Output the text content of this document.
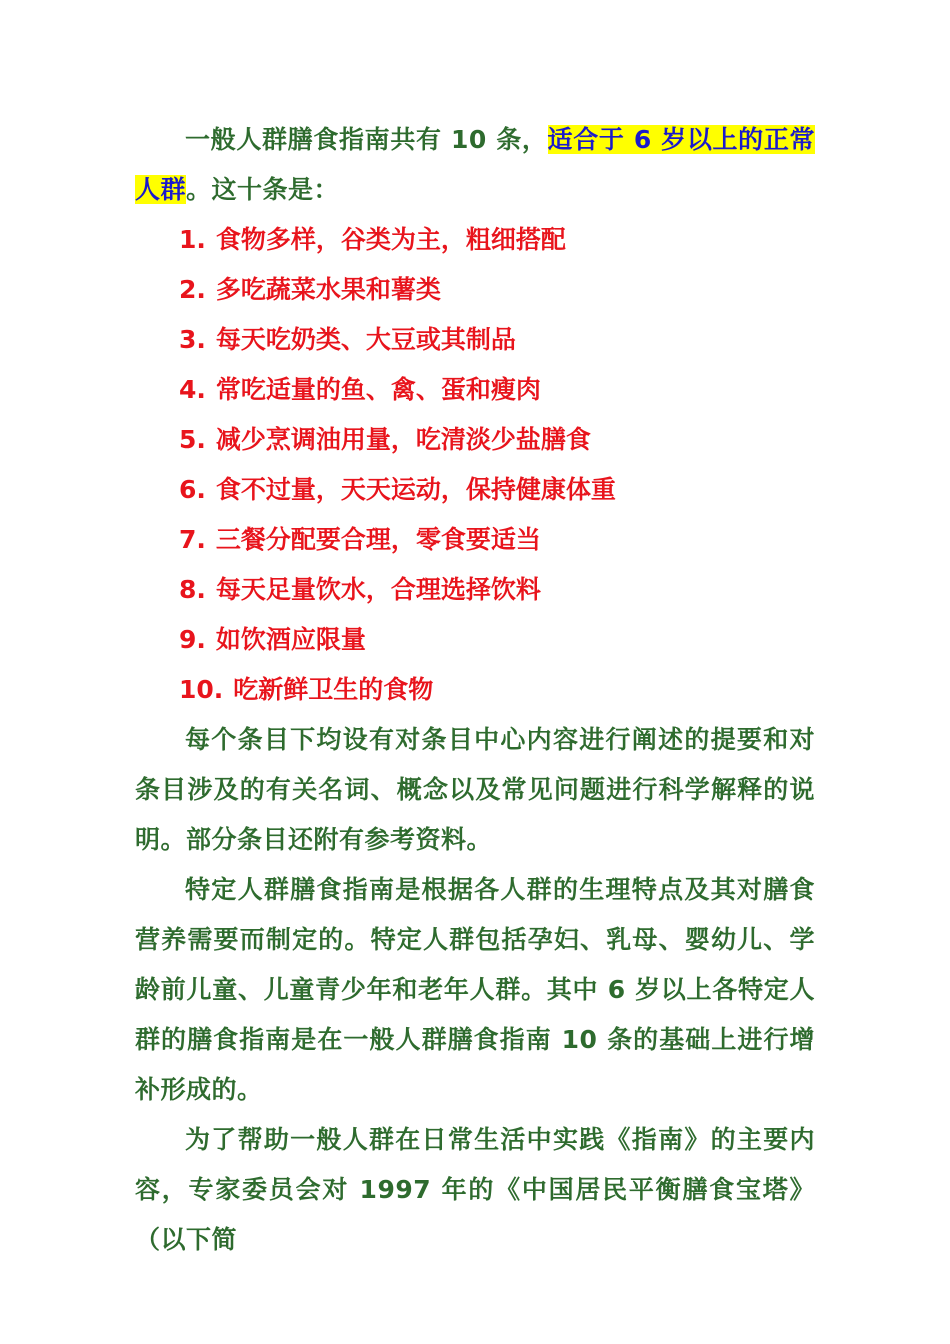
一般人群膳食指南共有 10 条，适合于 6 岁以上的正常人群。这十条是：

1. 食物多样，谷类为主，粗细搭配
2. 多吃蔬菜水果和薯类
3. 每天吃奶类、大豆或其制品
4. 常吃适量的鱼、禽、蛋和瘦肉
5. 减少烹调油用量，吃清淡少盐膳食
6. 食不过量，天天运动，保持健康体重
7. 三餐分配要合理，零食要适当
8. 每天足量饮水，合理选择饮料
9. 如饮酒应限量
10. 吃新鲜卫生的食物

每个条目下均设有对条目中心内容进行阐述的提要和对条目涉及的有关名词、概念以及常见问题进行科学解释的说明。部分条目还附有参考资料。

特定人群膳食指南是根据各人群的生理特点及其对膳食营养需要而制定的。特定人群包括孕妇、乳母、婴幼儿、学龄前儿童、儿童青少年和老年人群。其中 6 岁以上各特定人群的膳食指南是在一般人群膳食指南 10 条的基础上进行增补形成的。

为了帮助一般人群在日常生活中实践《指南》的主要内容，专家委员会对 1997 年的《中国居民平衡膳食宝塔》（以下简
